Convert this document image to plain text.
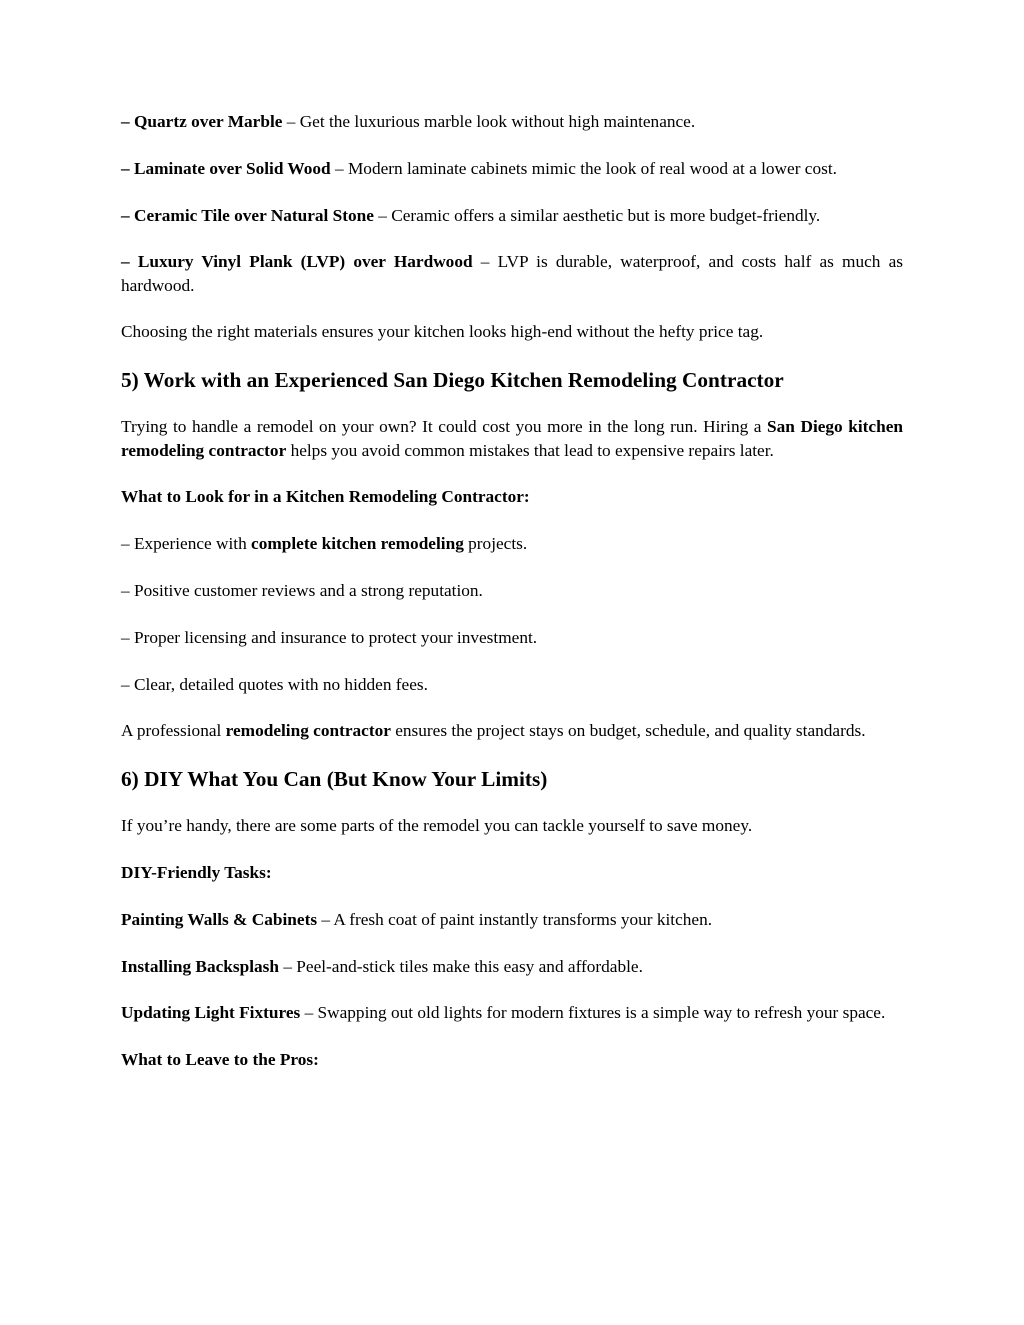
– Quartz over Marble – Get the luxurious marble look without high maintenance.

– Laminate over Solid Wood – Modern laminate cabinets mimic the look of real wood at a lower cost.

– Ceramic Tile over Natural Stone – Ceramic offers a similar aesthetic but is more budget-friendly.

– Luxury Vinyl Plank (LVP) over Hardwood – LVP is durable, waterproof, and costs half as much as hardwood.

Choosing the right materials ensures your kitchen looks high-end without the hefty price tag.

5) Work with an Experienced San Diego Kitchen Remodeling Contractor

Trying to handle a remodel on your own? It could cost you more in the long run. Hiring a San Diego kitchen remodeling contractor helps you avoid common mistakes that lead to expensive repairs later.

What to Look for in a Kitchen Remodeling Contractor:

– Experience with complete kitchen remodeling projects.

– Positive customer reviews and a strong reputation.

– Proper licensing and insurance to protect your investment.

– Clear, detailed quotes with no hidden fees.

A professional remodeling contractor ensures the project stays on budget, schedule, and quality standards.

6) DIY What You Can (But Know Your Limits)

If you’re handy, there are some parts of the remodel you can tackle yourself to save money.

DIY-Friendly Tasks:

Painting Walls & Cabinets – A fresh coat of paint instantly transforms your kitchen.

Installing Backsplash – Peel-and-stick tiles make this easy and affordable.

Updating Light Fixtures – Swapping out old lights for modern fixtures is a simple way to refresh your space.

What to Leave to the Pros:
